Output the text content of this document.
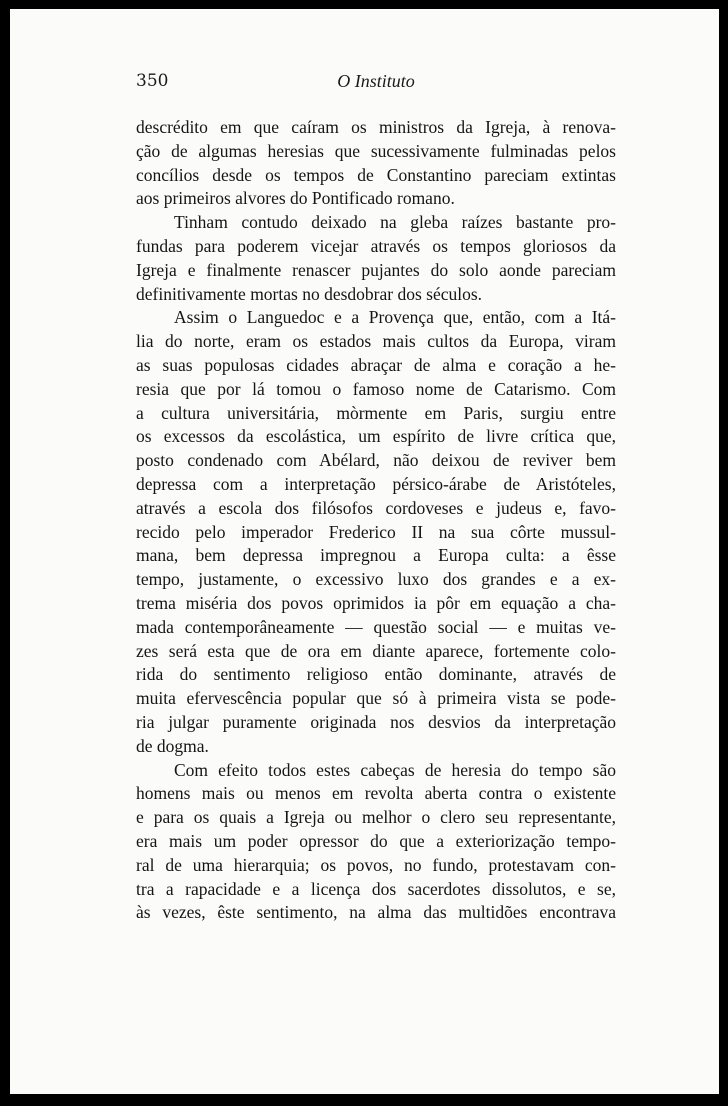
350	O Instituto
descrédito em que caíram os ministros da Igreja, à renova-
ção de algumas heresias que sucessivamente fulminadas pelos
concílios desde os tempos de Constantino pareciam extintas
aos primeiros alvores do Pontificado romano.
Tinham contudo deixado na gleba raízes bastante pro-
fundas para poderem vicejar através os tempos gloriosos da
Igreja e finalmente renascer pujantes do solo aonde pareciam
definitivamente mortas no desdobrar dos séculos.
Assim o Languedoc e a Provença que, então, com a Itá-
lia do norte, eram os estados mais cultos da Europa, viram
as suas populosas cidades abraçar de alma e coração a he-
resia que por lá tomou o famoso nome de Catarismo. Com
a cultura universitária, mòrmente em Paris, surgiu entre
os excessos da escolástica, um espírito de livre crítica que,
posto condenado com Abélard, não deixou de reviver bem
depressa com a interpretação pérsico-árabe de Aristóteles,
através a escola dos filósofos cordoveses e judeus e, favo-
recido pelo imperador Frederico II na sua côrte mussul-
mana, bem depressa impregnou a Europa culta: a êsse
tempo, justamente, o excessivo luxo dos grandes e a ex-
trema miséria dos povos oprimidos ia pôr em equação a cha-
mada contemporâneamente — questão social — e muitas ve-
zes será esta que de ora em diante aparece, fortemente colo-
rida do sentimento religioso então dominante, através de
muita efervescência popular que só à primeira vista se pode-
ria julgar puramente originada nos desvios da interpretação
de dogma.
Com efeito todos estes cabeças de heresia do tempo são
homens mais ou menos em revolta aberta contra o existente
e para os quais a Igreja ou melhor o clero seu representante,
era mais um poder opressor do que a exteriorização tempo-
ral de uma hierarquia; os povos, no fundo, protestavam con-
tra a rapacidade e a licença dos sacerdotes dissolutos, e se,
às vezes, êste sentimento, na alma das multidões encontrava
